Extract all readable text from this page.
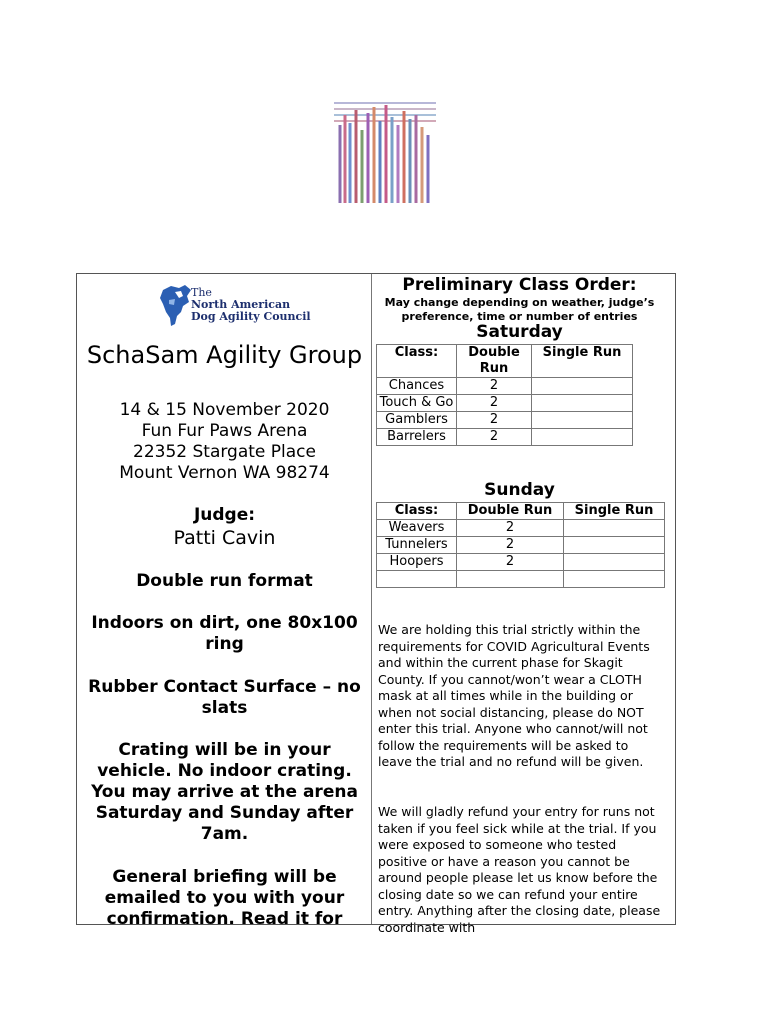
The
North American
Dog Agility Council
SchaSam Agility Group
14 & 15 November 2020
Fun Fur Paws Arena
22352 Stargate Place
Mount Vernon WA 98274
Judge:
Patti Cavin
Double run format
Indoors on dirt, one 80x100 ring
Rubber Contact Surface – no slats
Crating will be in your vehicle. No indoor crating. You may arrive at the arena Saturday and Sunday after 7am.
General briefing will be emailed to you with your confirmation. Read it for
Preliminary Class Order:
May change depending on weather, judge’s preference, time or number of entries
Saturday
Class:	Double Run	Single Run
Chances	2	
Touch & Go	2	
Gamblers	2	
Barrelers	2	
Sunday
Class:	Double Run	Single Run
Weavers	2	
Tunnelers	2	
Hoopers	2	

We are holding this trial strictly within the requirements for COVID Agricultural Events and within the current phase for Skagit County. If you cannot/won’t wear a CLOTH mask at all times while in the building or when not social distancing, please do NOT enter this trial. Anyone who cannot/will not follow the requirements will be asked to leave the trial and no refund will be given.
We will gladly refund your entry for runs not taken if you feel sick while at the trial. If you were exposed to someone who tested positive or have a reason you cannot be around people please let us know before the closing date so we can refund your entire entry. Anything after the closing date, please coordinate with
